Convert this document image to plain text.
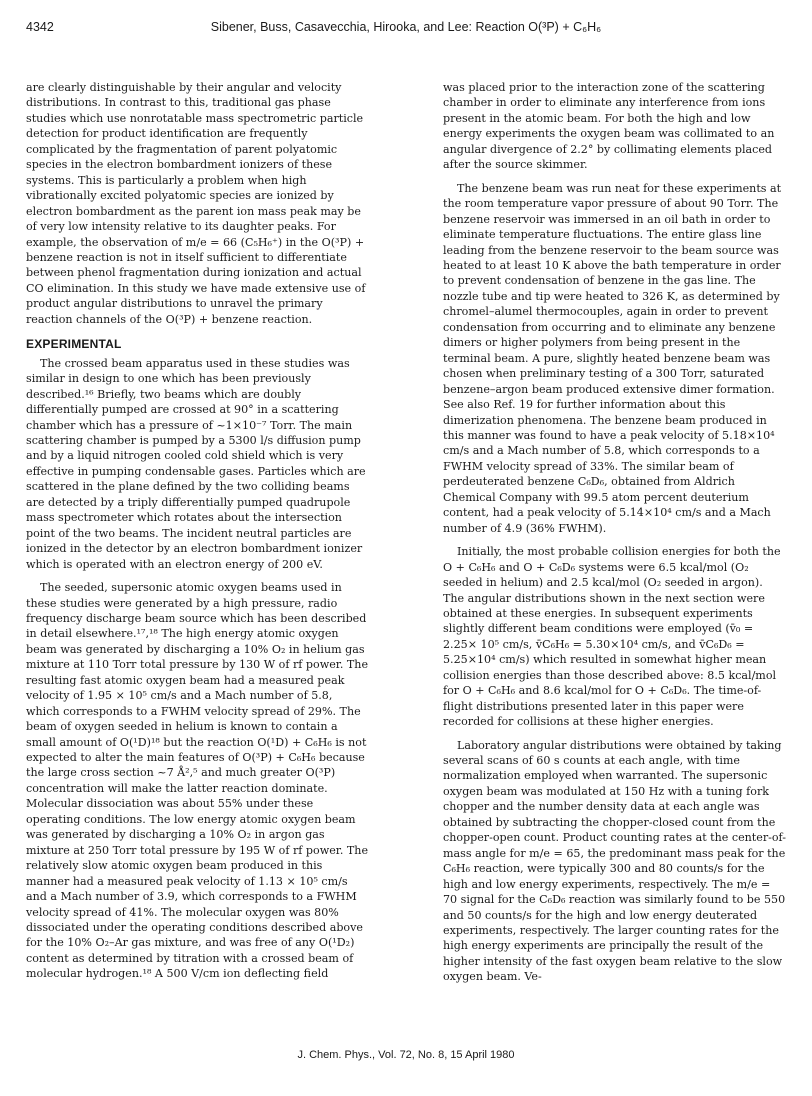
4342	Sibener, Buss, Casavecchia, Hirooka, and Lee: Reaction O(³P) + C₆H₆

are clearly distinguishable by their angular and velocity distributions. In contrast to this, traditional gas phase studies which use nonrotatable mass spectrometric particle detection for product identification are frequently complicated by the fragmentation of parent polyatomic species in the electron bombardment ionizers of these systems. This is particularly a problem when high vibrationally excited polyatomic species are ionized by electron bombardment as the parent ion mass peak may be of very low intensity relative to its daughter peaks. For example, the observation of m/e = 66 (C₅H₆⁺) in the O(³P) + benzene reaction is not in itself sufficient to differentiate between phenol fragmentation during ionization and actual CO elimination. In this study we have made extensive use of product angular distributions to unravel the primary reaction channels of the O(³P) + benzene reaction.

EXPERIMENTAL

The crossed beam apparatus used in these studies was similar in design to one which has been previously described.¹⁶ Briefly, two beams which are doubly differentially pumped are crossed at 90° in a scattering chamber which has a pressure of ~1×10⁻⁷ Torr. The main scattering chamber is pumped by a 5300 l/s diffusion pump and by a liquid nitrogen cooled cold shield which is very effective in pumping condensable gases. Particles which are scattered in the plane defined by the two colliding beams are detected by a triply differentially pumped quadrupole mass spectrometer which rotates about the intersection point of the two beams. The incident neutral particles are ionized in the detector by an electron bombardment ionizer which is operated with an electron energy of 200 eV.

The seeded, supersonic atomic oxygen beams used in these studies were generated by a high pressure, radio frequency discharge beam source which has been described in detail elsewhere.¹⁷,¹⁸ The high energy atomic oxygen beam was generated by discharging a 10% O₂ in helium gas mixture at 110 Torr total pressure by 130 W of rf power. The resulting fast atomic oxygen beam had a measured peak velocity of 1.95 × 10⁵ cm/s and a Mach number of 5.8, which corresponds to a FWHM velocity spread of 29%. The beam of oxygen seeded in helium is known to contain a small amount of O(¹D)¹⁸ but the reaction O(¹D) + C₆H₆ is not expected to alter the main features of O(³P) + C₆H₆ because the large cross section ~7 Å²,⁵ and much greater O(³P) concentration will make the latter reaction dominate. Molecular dissociation was about 55% under these operating conditions. The low energy atomic oxygen beam was generated by discharging a 10% O₂ in argon gas mixture at 250 Torr total pressure by 195 W of rf power. The relatively slow atomic oxygen beam produced in this manner had a measured peak velocity of 1.13 × 10⁵ cm/s and a Mach number of 3.9, which corresponds to a FWHM velocity spread of 41%. The molecular oxygen was 80% dissociated under the operating conditions described above for the 10% O₂–Ar gas mixture, and was free of any O(¹D₂) content as determined by titration with a crossed beam of molecular hydrogen.¹⁸ A 500 V/cm ion deflecting field

was placed prior to the interaction zone of the scattering chamber in order to eliminate any interference from ions present in the atomic beam. For both the high and low energy experiments the oxygen beam was collimated to an angular divergence of 2.2° by collimating elements placed after the source skimmer.

The benzene beam was run neat for these experiments at the room temperature vapor pressure of about 90 Torr. The benzene reservoir was immersed in an oil bath in order to eliminate temperature fluctuations. The entire glass line leading from the benzene reservoir to the beam source was heated to at least 10 K above the bath temperature in order to prevent condensation of benzene in the gas line. The nozzle tube and tip were heated to 326 K, as determined by chromel–alumel thermocouples, again in order to prevent condensation from occurring and to eliminate any benzene dimers or higher polymers from being present in the terminal beam. A pure, slightly heated benzene beam was chosen when preliminary testing of a 300 Torr, saturated benzene–argon beam produced extensive dimer formation. See also Ref. 19 for further information about this dimerization phenomena. The benzene beam produced in this manner was found to have a peak velocity of 5.18×10⁴ cm/s and a Mach number of 5.8, which corresponds to a FWHM velocity spread of 33%. The similar beam of perdeuterated benzene C₆D₆, obtained from Aldrich Chemical Company with 99.5 atom percent deuterium content, had a peak velocity of 5.14×10⁴ cm/s and a Mach number of 4.9 (36% FWHM).

Initially, the most probable collision energies for both the O + C₆H₆ and O + C₆D₆ systems were 6.5 kcal/mol (O₂ seeded in helium) and 2.5 kcal/mol (O₂ seeded in argon). The angular distributions shown in the next section were obtained at these energies. In subsequent experiments slightly different beam conditions were employed (v̄₀ = 2.25× 10⁵ cm/s, v̄C₆H₆ = 5.30×10⁴ cm/s, and v̄C₆D₆ = 5.25×10⁴ cm/s) which resulted in somewhat higher mean collision energies than those described above: 8.5 kcal/mol for O + C₆H₆ and 8.6 kcal/mol for O + C₆D₆. The time-of-flight distributions presented later in this paper were recorded for collisions at these higher energies.

Laboratory angular distributions were obtained by taking several scans of 60 s counts at each angle, with time normalization employed when warranted. The supersonic oxygen beam was modulated at 150 Hz with a tuning fork chopper and the number density data at each angle was obtained by subtracting the chopper-closed count from the chopper-open count. Product counting rates at the center-of-mass angle for m/e = 65, the predominant mass peak for the C₆H₆ reaction, were typically 300 and 80 counts/s for the high and low energy experiments, respectively. The m/e = 70 signal for the C₆D₆ reaction was similarly found to be 550 and 50 counts/s for the high and low energy deuterated experiments, respectively. The larger counting rates for the high energy experiments are principally the result of the higher intensity of the fast oxygen beam relative to the slow oxygen beam. Ve-

J. Chem. Phys., Vol. 72, No. 8, 15 April 1980
